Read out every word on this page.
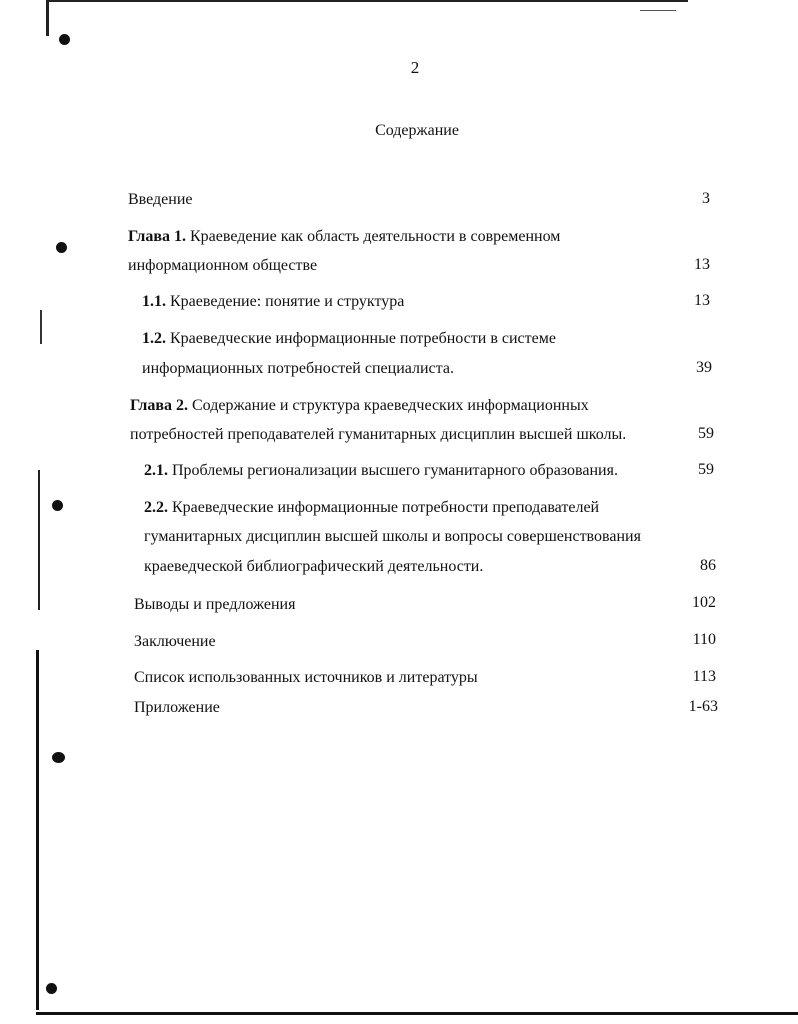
2
Содержание
Введение	3
Глава 1. Краеведение как область деятельности в современном
информационном обществе	13
1.1. Краеведение: понятие и структура	13
1.2. Краеведческие информационные потребности в системе
информационных потребностей специалиста.	39
Глава 2. Содержание и структура краеведческих информационных
потребностей преподавателей гуманитарных дисциплин высшей школы.	59
2.1. Проблемы регионализации высшего гуманитарного образования.	59
2.2. Краеведческие информационные потребности преподавателей
гуманитарных дисциплин высшей школы и вопросы совершенствования
краеведческой библиографический деятельности.	86
Выводы и предложения	102
Заключение	110
Список использованных источников и литературы	113
Приложение	1-63
